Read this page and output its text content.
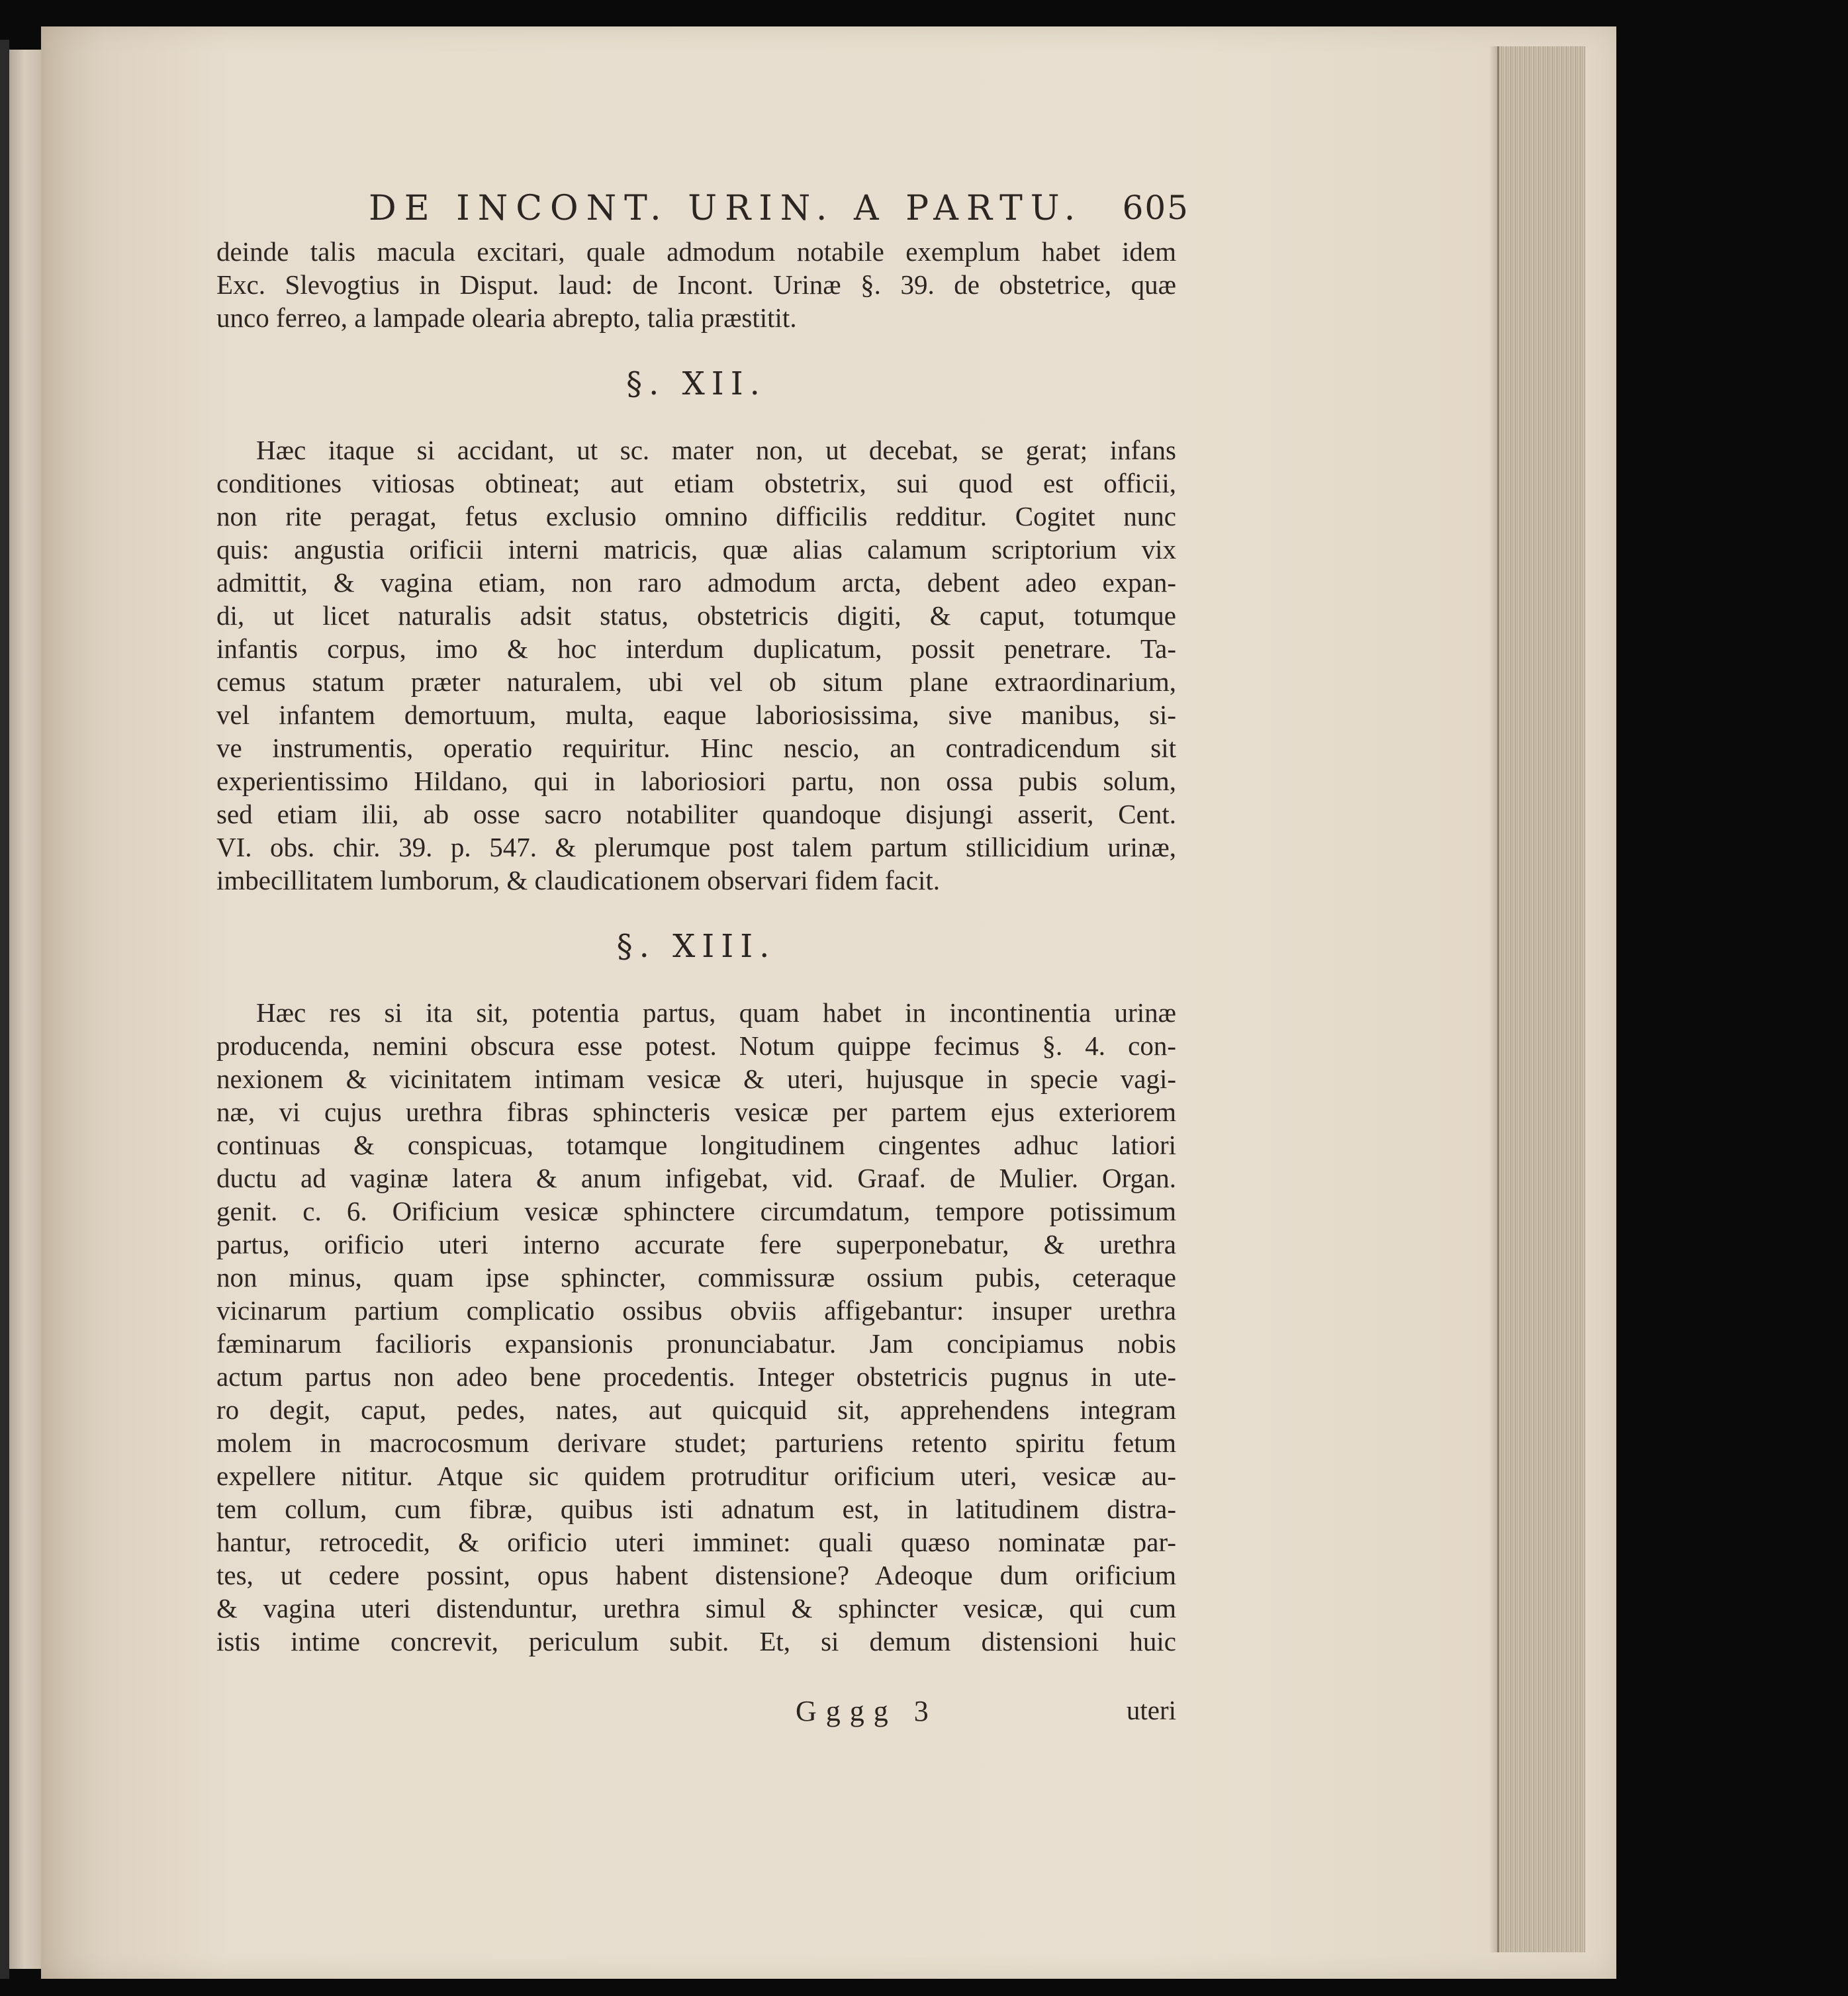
DE INCONT. URIN. A PARTU. 605
deinde talis macula excitari, quale admodum notabile exemplum habet idem
Exc. Slevogtius in Disput. laud: de Incont. Urinæ §. 39. de obstetrice, quæ
unco ferreo, a lampade olearia abrepto, talia præstitit.
§. XII.
Hæc itaque si accidant, ut sc. mater non, ut decebat, se gerat; infans
conditiones vitiosas obtineat; aut etiam obstetrix, sui quod est officii,
non rite peragat, fetus exclusio omnino difficilis redditur. Cogitet nunc
quis: angustia orificii interni matricis, quæ alias calamum scriptorium vix
admittit, & vagina etiam, non raro admodum arcta, debent adeo expan-
di, ut licet naturalis adsit status, obstetricis digiti, & caput, totumque
infantis corpus, imo & hoc interdum duplicatum, possit penetrare. Ta-
cemus statum præter naturalem, ubi vel ob situm plane extraordinarium,
vel infantem demortuum, multa, eaque laboriosissima, sive manibus, si-
ve instrumentis, operatio requiritur. Hinc nescio, an contradicendum sit
experientissimo Hildano, qui in laboriosiori partu, non ossa pubis solum,
sed etiam ilii, ab osse sacro notabiliter quandoque disjungi asserit, Cent.
VI. obs. chir. 39. p. 547. & plerumque post talem partum stillicidium urinæ,
imbecillitatem lumborum, & claudicationem observari fidem facit.
§. XIII.
Hæc res si ita sit, potentia partus, quam habet in incontinentia urinæ
producenda, nemini obscura esse potest. Notum quippe fecimus §. 4. con-
nexionem & vicinitatem intimam vesicæ & uteri, hujusque in specie vagi-
næ, vi cujus urethra fibras sphincteris vesicæ per partem ejus exteriorem
continuas & conspicuas, totamque longitudinem cingentes adhuc latiori
ductu ad vaginæ latera & anum infigebat, vid. Graaf. de Mulier. Organ.
genit. c. 6. Orificium vesicæ sphinctere circumdatum, tempore potissimum
partus, orificio uteri interno accurate fere superponebatur, & urethra
non minus, quam ipse sphincter, commissuræ ossium pubis, ceteraque
vicinarum partium complicatio ossibus obviis affigebantur: insuper urethra
fæminarum facilioris expansionis pronunciabatur. Jam concipiamus nobis
actum partus non adeo bene procedentis. Integer obstetricis pugnus in ute-
ro degit, caput, pedes, nates, aut quicquid sit, apprehendens integram
molem in macrocosmum derivare studet; parturiens retento spiritu fetum
expellere nititur. Atque sic quidem protruditur orificium uteri, vesicæ au-
tem collum, cum fibræ, quibus isti adnatum est, in latitudinem distra-
hantur, retrocedit, & orificio uteri imminet: quali quæso nominatæ par-
tes, ut cedere possint, opus habent distensione? Adeoque dum orificium
& vagina uteri distenduntur, urethra simul & sphincter vesicæ, qui cum
istis intime concrevit, periculum subit. Et, si demum distensioni huic
Gggg 3	uteri
